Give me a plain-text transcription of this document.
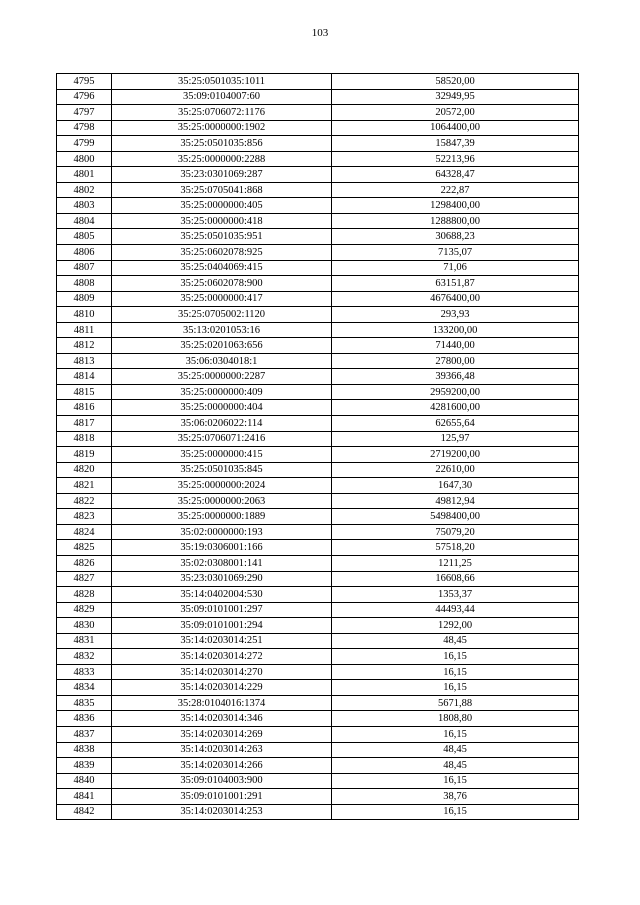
103
4795	35:25:0501035:1011	58520,00
4796	35:09:0104007:60	32949,95
4797	35:25:0706072:1176	20572,00
4798	35:25:0000000:1902	1064400,00
4799	35:25:0501035:856	15847,39
4800	35:25:0000000:2288	52213,96
4801	35:23:0301069:287	64328,47
4802	35:25:0705041:868	222,87
4803	35:25:0000000:405	1298400,00
4804	35:25:0000000:418	1288800,00
4805	35:25:0501035:951	30688,23
4806	35:25:0602078:925	7135,07
4807	35:25:0404069:415	71,06
4808	35:25:0602078:900	63151,87
4809	35:25:0000000:417	4676400,00
4810	35:25:0705002:1120	293,93
4811	35:13:0201053:16	133200,00
4812	35:25:0201063:656	71440,00
4813	35:06:0304018:1	27800,00
4814	35:25:0000000:2287	39366,48
4815	35:25:0000000:409	2959200,00
4816	35:25:0000000:404	4281600,00
4817	35:06:0206022:114	62655,64
4818	35:25:0706071:2416	125,97
4819	35:25:0000000:415	2719200,00
4820	35:25:0501035:845	22610,00
4821	35:25:0000000:2024	1647,30
4822	35:25:0000000:2063	49812,94
4823	35:25:0000000:1889	5498400,00
4824	35:02:0000000:193	75079,20
4825	35:19:0306001:166	57518,20
4826	35:02:0308001:141	1211,25
4827	35:23:0301069:290	16608,66
4828	35:14:0402004:530	1353,37
4829	35:09:0101001:297	44493,44
4830	35:09:0101001:294	1292,00
4831	35:14:0203014:251	48,45
4832	35:14:0203014:272	16,15
4833	35:14:0203014:270	16,15
4834	35:14:0203014:229	16,15
4835	35:28:0104016:1374	5671,88
4836	35:14:0203014:346	1808,80
4837	35:14:0203014:269	16,15
4838	35:14:0203014:263	48,45
4839	35:14:0203014:266	48,45
4840	35:09:0104003:900	16,15
4841	35:09:0101001:291	38,76
4842	35:14:0203014:253	16,15
